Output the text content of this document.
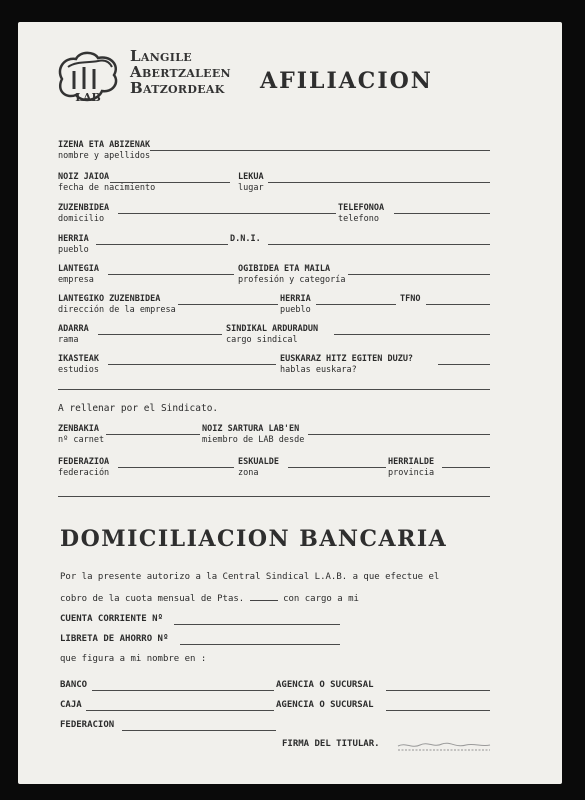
LAB
LANGILE
ABERTZALEEN
BATZORDEAK AFILIACION
IZENA ETA ABIZENAK
nombre y apellidos
NOIZ JAIOA
fecha de nacimiento
LEKUA
lugar
ZUZENBIDEA
domicilio
TELEFONOA
telefono
HERRIA
pueblo
D.N.I.
LANTEGIA
empresa
OGIBIDEA ETA MAILA
profesión y categoría
LANTEGIKO ZUZENBIDEA
dirección de la empresa
HERRIA
pueblo
TFNO
ADARRA
rama
SINDIKAL ARDURADUN
cargo sindical
IKASTEAK
estudios
EUSKARAZ HITZ EGITEN DUZU?
hablas euskara?
A rellenar por el Sindicato.
ZENBAKIA
nº carnet
NOIZ SARTURA LAB'EN
miembro de LAB desde
FEDERAZIOA
federación
ESKUALDE
zona
HERRIALDE
provincia
DOMICILIACION BANCARIA
Por la presente autorizo a la Central Sindical L.A.B. a que efectue el
cobro de la cuota mensual de Ptas.	con cargo a mi
CUENTA CORRIENTE Nº
LIBRETA DE AHORRO Nº
que figura a mi nombre en :
BANCO	AGENCIA O SUCURSAL
CAJA	AGENCIA O SUCURSAL
FEDERACION
FIRMA DEL TITULAR.
